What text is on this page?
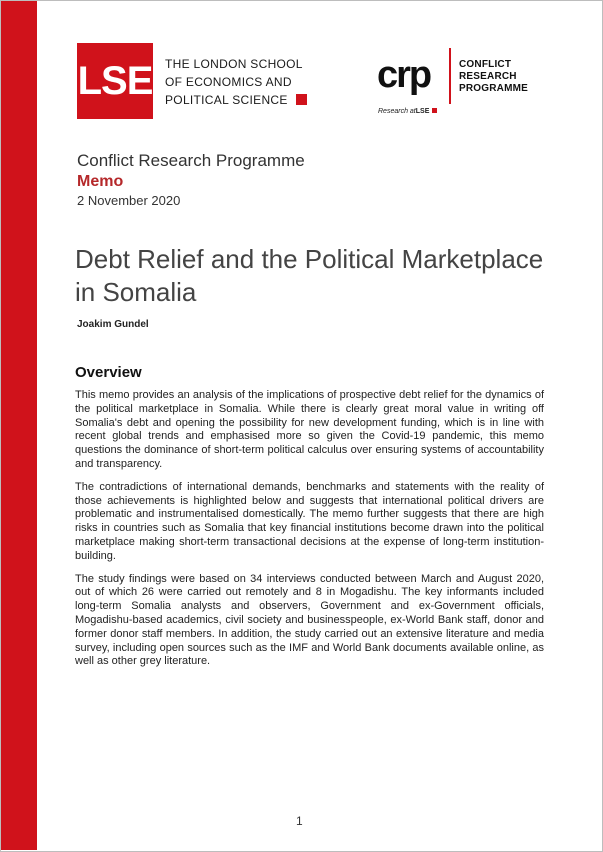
LSE THE LONDON SCHOOL
OF ECONOMICS AND
POLITICAL SCIENCE
crp	CONFLICT
RESEARCH
PROGRAMME
Research atLSE
Conflict Research Programme
Memo
2 November 2020
Debt Relief and the Political Marketplace in Somalia
Joakim Gundel
Overview

This memo provides an analysis of the implications of prospective debt relief for the dynamics of the political marketplace in Somalia. While there is clearly great moral value in writing off Somalia's debt and opening the possibility for new development funding, which is in line with recent global trends and emphasised more so given the Covid-19 pandemic, this memo questions the dominance of short-term political calculus over ensuring systems of accountability and transparency.

The contradictions of international demands, benchmarks and statements with the reality of those achievements is highlighted below and suggests that international political drivers are problematic and instrumentalised domestically. The memo further suggests that there are high risks in countries such as Somalia that key financial institutions become drawn into the political marketplace making short-term transactional decisions at the expense of long-term institution-building.

The study findings were based on 34 interviews conducted between March and August 2020, out of which 26 were carried out remotely and 8 in Mogadishu. The key informants included long-term Somalia analysts and observers, Government and ex-Government officials, Mogadishu-based academics, civil society and businesspeople, ex-World Bank staff, donor and former donor staff members. In addition, the study carried out an extensive literature and media survey, including open sources such as the IMF and World Bank documents available online, as well as other grey literature.

1
